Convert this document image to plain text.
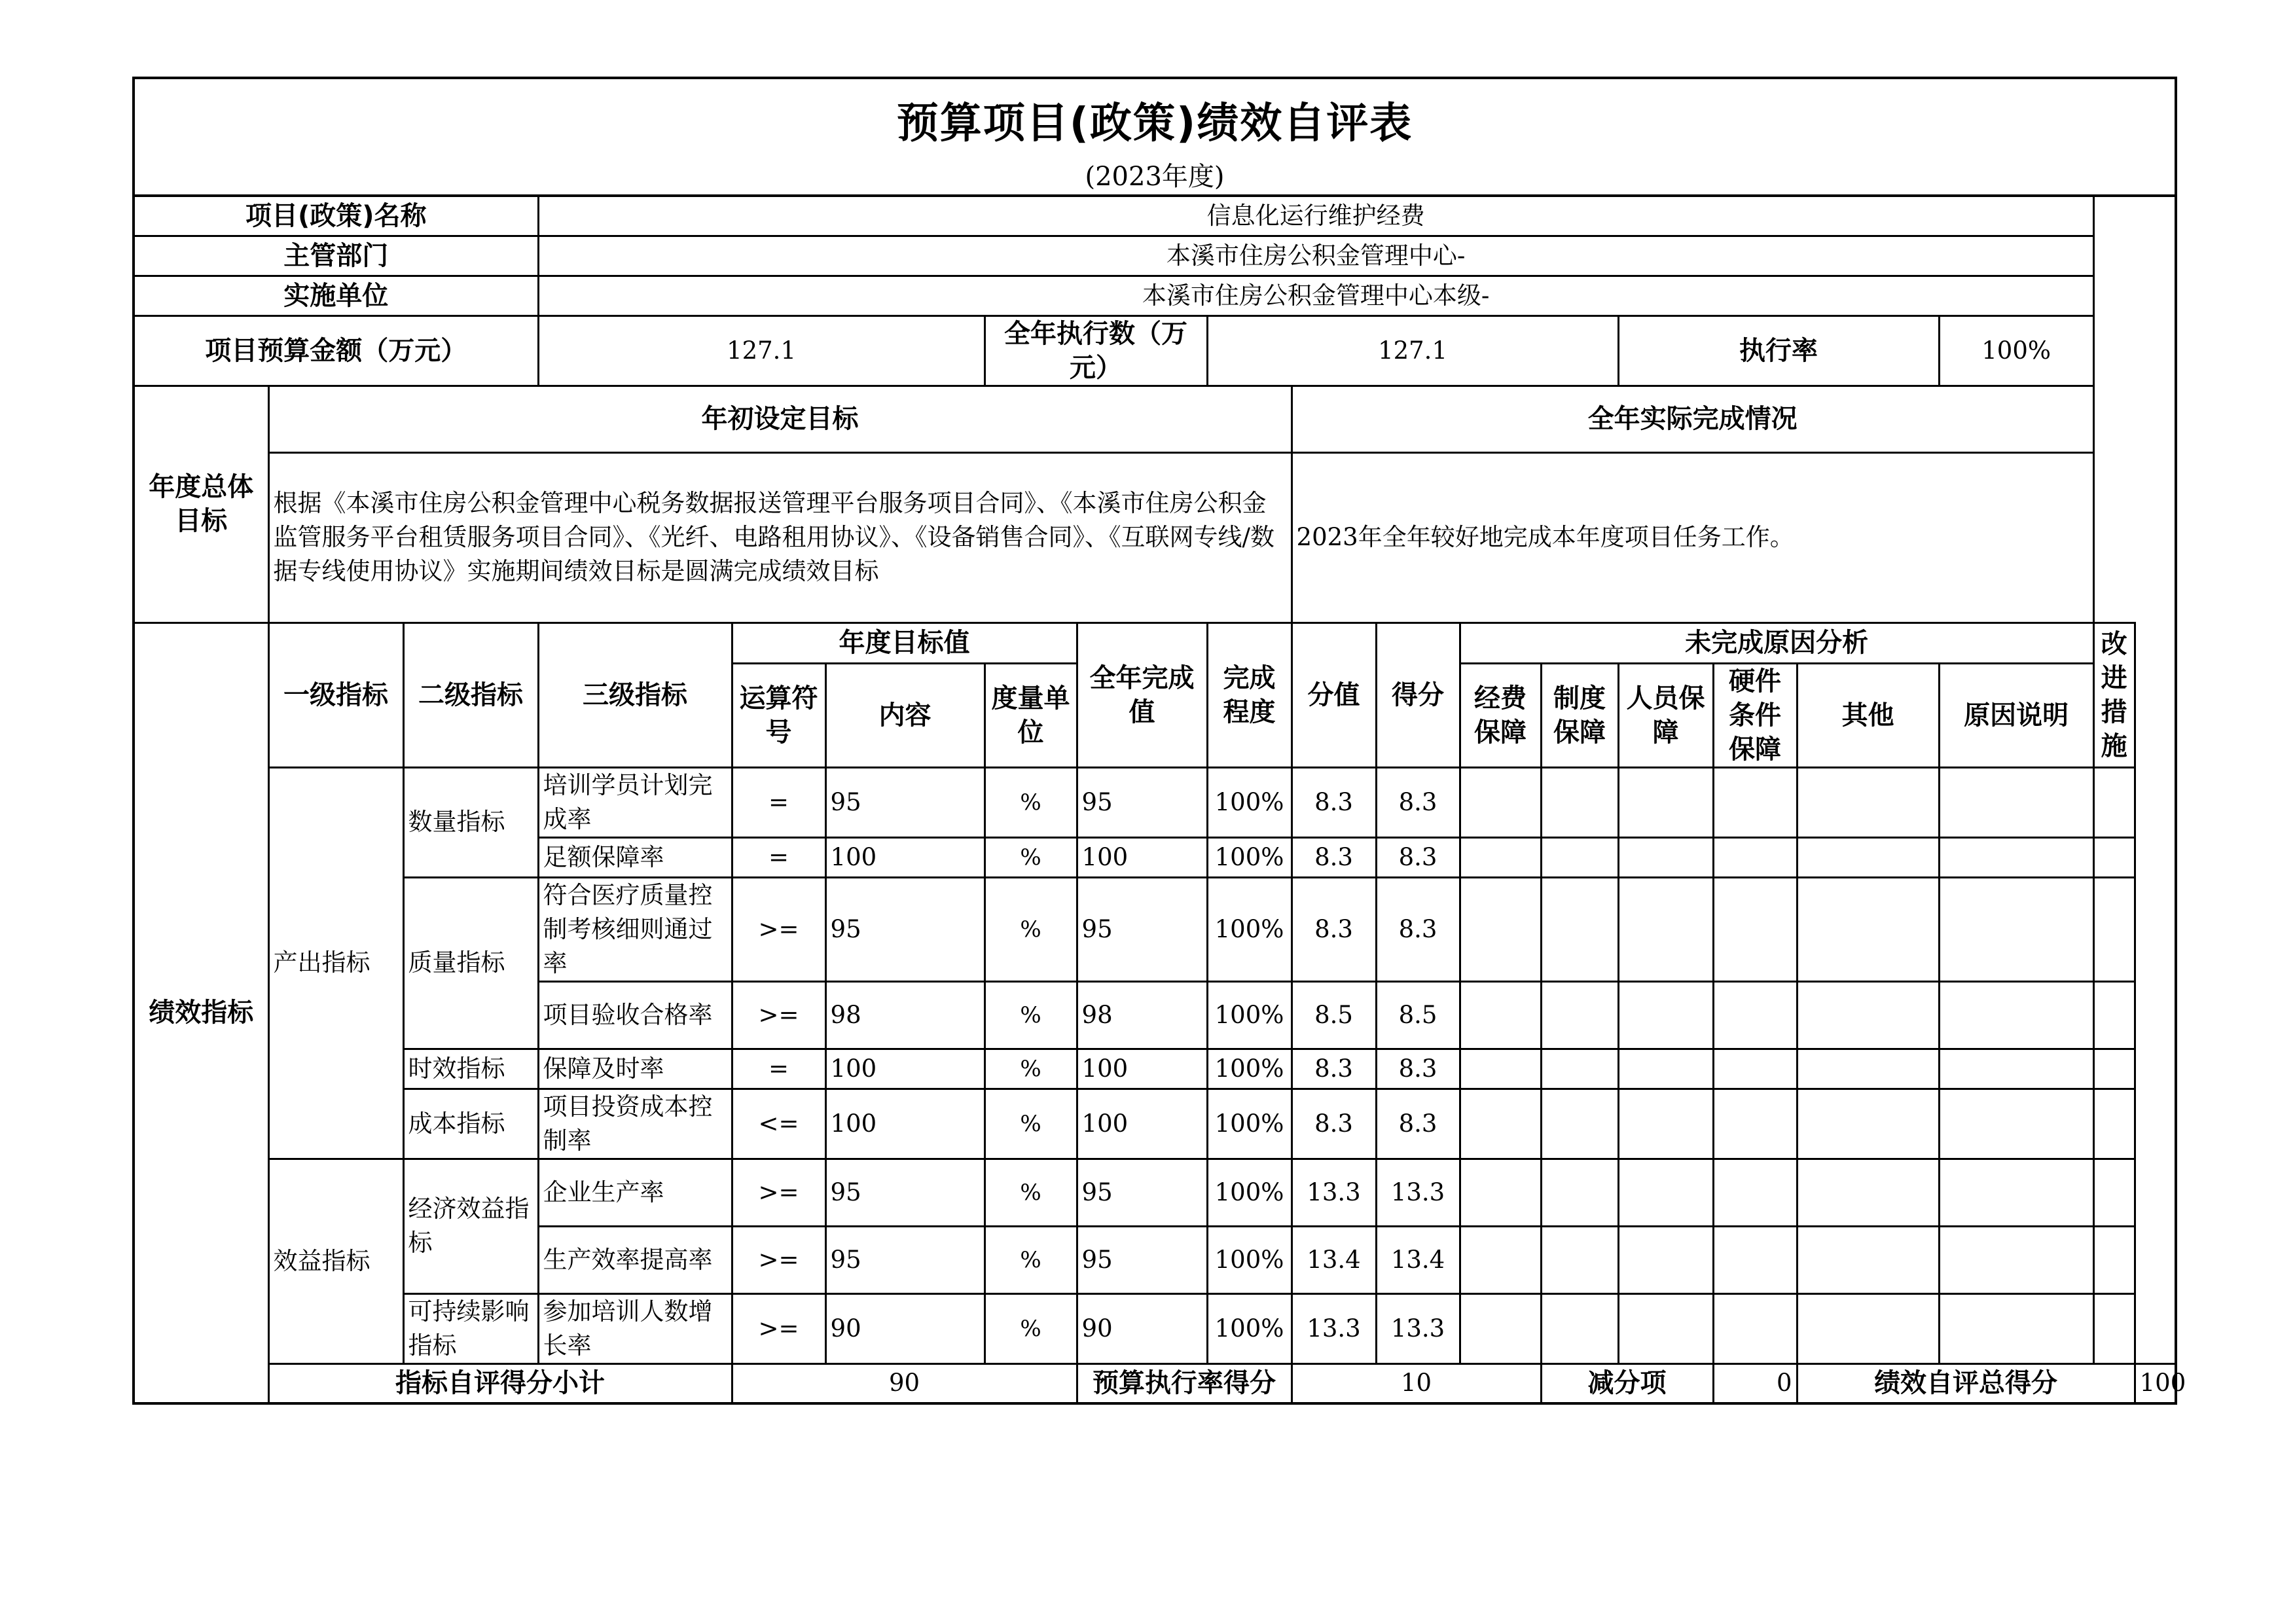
预算项目(政策)绩效自评表
(2023年度)
项目(政策)名称			信息化运行维护经费															
主管部门			本溪市住房公积金管理中心-															
实施单位			本溪市住房公积金管理中心本级-															
项目预算金额（万元）			127.1			全年执行数（万元）		127.1					执行率			100%		
年度总体目标	年初设定目标								全年实际完成情况									
	根据《本溪市住房公积金管理中心税务数据报送管理平台服务项目合同》、《本溪市住房公积金监管服务平台租赁服务项目合同》、《光纤、电路租用协议》、《设备销售合同》、《互联网专线/数据专线使用协议》实施期间绩效目标是圆满完成绩效目标								2023年全年较好地完成本年度项目任务工作。									
绩效指标	一级指标	二级指标	三级指标	年度目标值			全年完成值	完成程度	分值	得分	未完成原因分析						改进措施	
				运算符号	内容	度量单位					经费保障	制度保障	人员保障	硬件条件保障	其他	原因说明		
	产出指标	数量指标	培训学员计划完成率	=	95	%	95	100%	8.3	8.3								
			足额保障率	=	100	%	100	100%	8.3	8.3								
		质量指标	符合医疗质量控制考核细则通过率	>=	95	%	95	100%	8.3	8.3								
			项目验收合格率	>=	98	%	98	100%	8.5	8.5								
		时效指标	保障及时率	=	100	%	100	100%	8.3	8.3								
		成本指标	项目投资成本控制率	<=	100	%	100	100%	8.3	8.3								
	效益指标	经济效益指标	企业生产率	>=	95	%	95	100%	13.3	13.3								
			生产效率提高率	>=	95	%	95	100%	13.4	13.4								
		可持续影响指标	参加培训人数增长率	>=	90	%	90	100%	13.3	13.3								
	指标自评得分小计			90			预算执行率得分		10			减分项		0	绩效自评总得分			100
